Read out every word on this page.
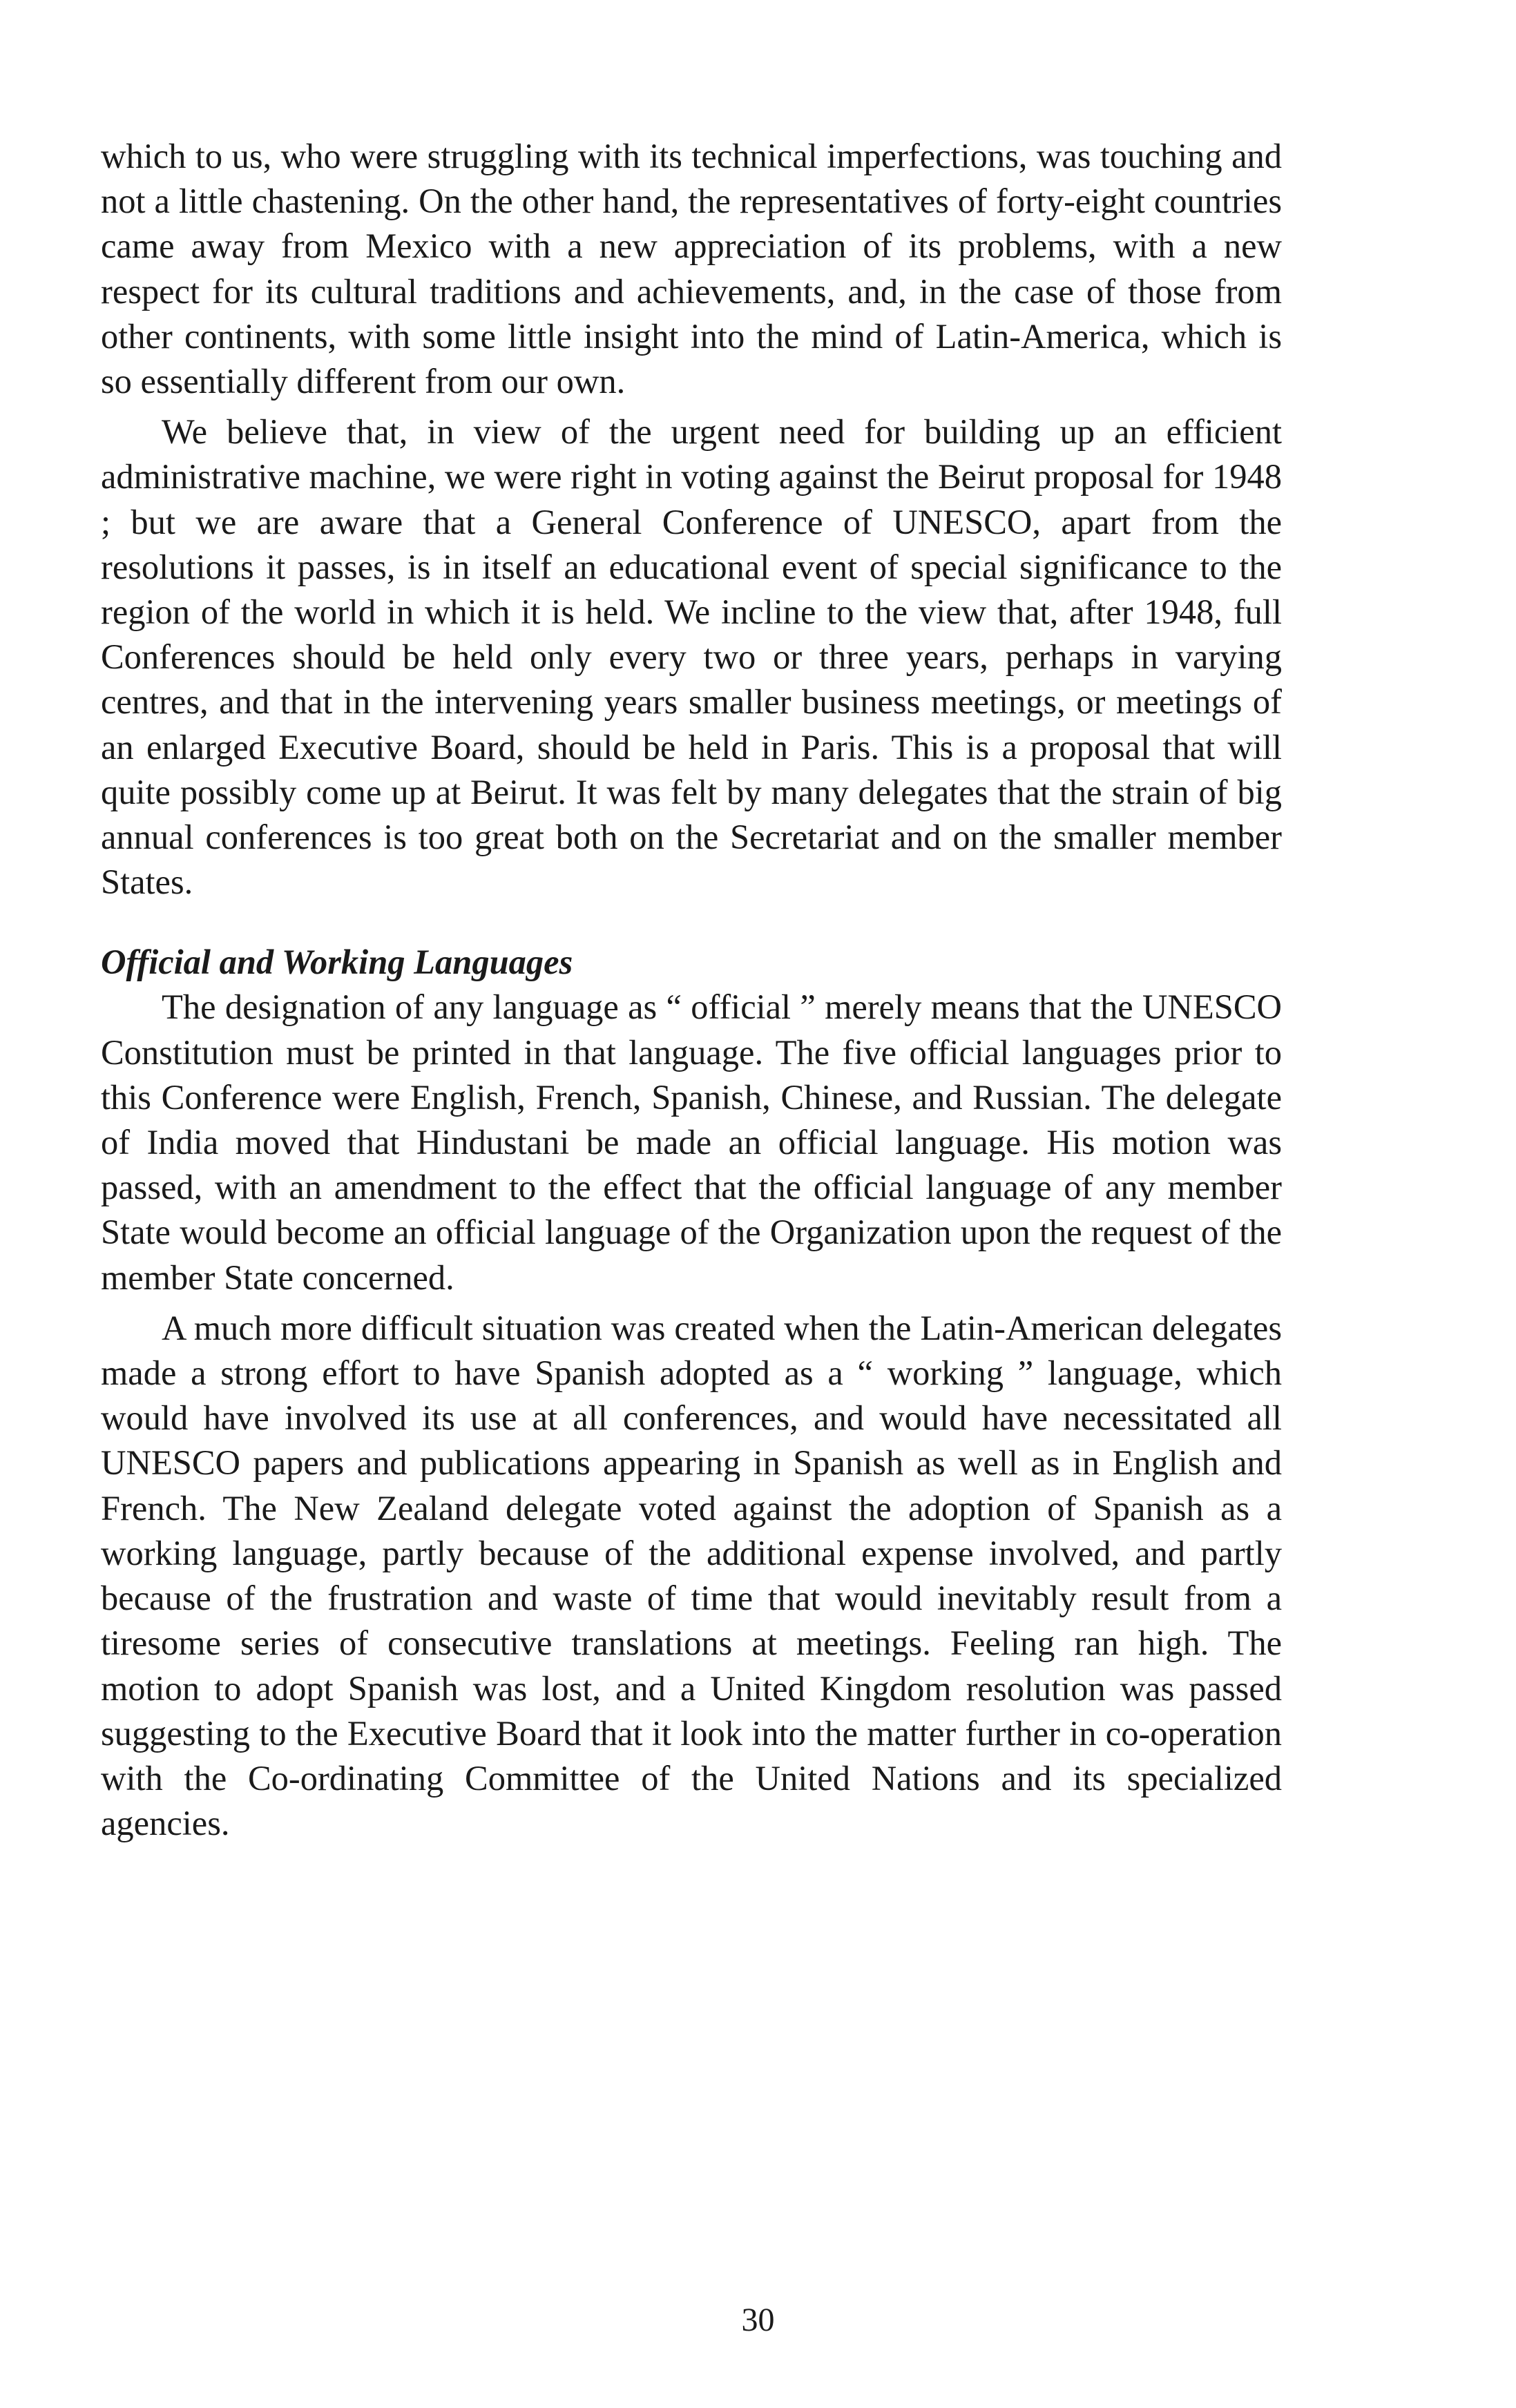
which to us, who were struggling with its technical imperfections, was touching and not a little chastening. On the other hand, the representatives of forty-eight countries came away from Mexico with a new appreciation of its problems, with a new respect for its cultural traditions and achievements, and, in the case of those from other continents, with some little insight into the mind of Latin-America, which is so essentially different from our own.

We believe that, in view of the urgent need for building up an efficient administrative machine, we were right in voting against the Beirut proposal for 1948 ; but we are aware that a General Conference of UNESCO, apart from the resolutions it passes, is in itself an educational event of special significance to the region of the world in which it is held. We incline to the view that, after 1948, full Conferences should be held only every two or three years, perhaps in varying centres, and that in the intervening years smaller business meetings, or meetings of an enlarged Executive Board, should be held in Paris. This is a proposal that will quite possibly come up at Beirut. It was felt by many delegates that the strain of big annual conferences is too great both on the Secretariat and on the smaller member States.

Official and Working Languages

The designation of any language as “ official ” merely means that the UNESCO Constitution must be printed in that language. The five official languages prior to this Conference were English, French, Spanish, Chinese, and Russian. The delegate of India moved that Hindustani be made an official language. His motion was passed, with an amendment to the effect that the official language of any member State would become an official language of the Organization upon the request of the member State concerned.

A much more difficult situation was created when the Latin-American delegates made a strong effort to have Spanish adopted as a “ working ” language, which would have involved its use at all conferences, and would have necessitated all UNESCO papers and publications appearing in Spanish as well as in English and French. The New Zealand delegate voted against the adoption of Spanish as a working language, partly because of the additional expense involved, and partly because of the frustration and waste of time that would inevitably result from a tiresome series of consecutive translations at meetings. Feeling ran high. The motion to adopt Spanish was lost, and a United Kingdom resolution was passed suggesting to the Executive Board that it look into the matter further in co-operation with the Co-ordinating Committee of the United Nations and its specialized agencies.

30
